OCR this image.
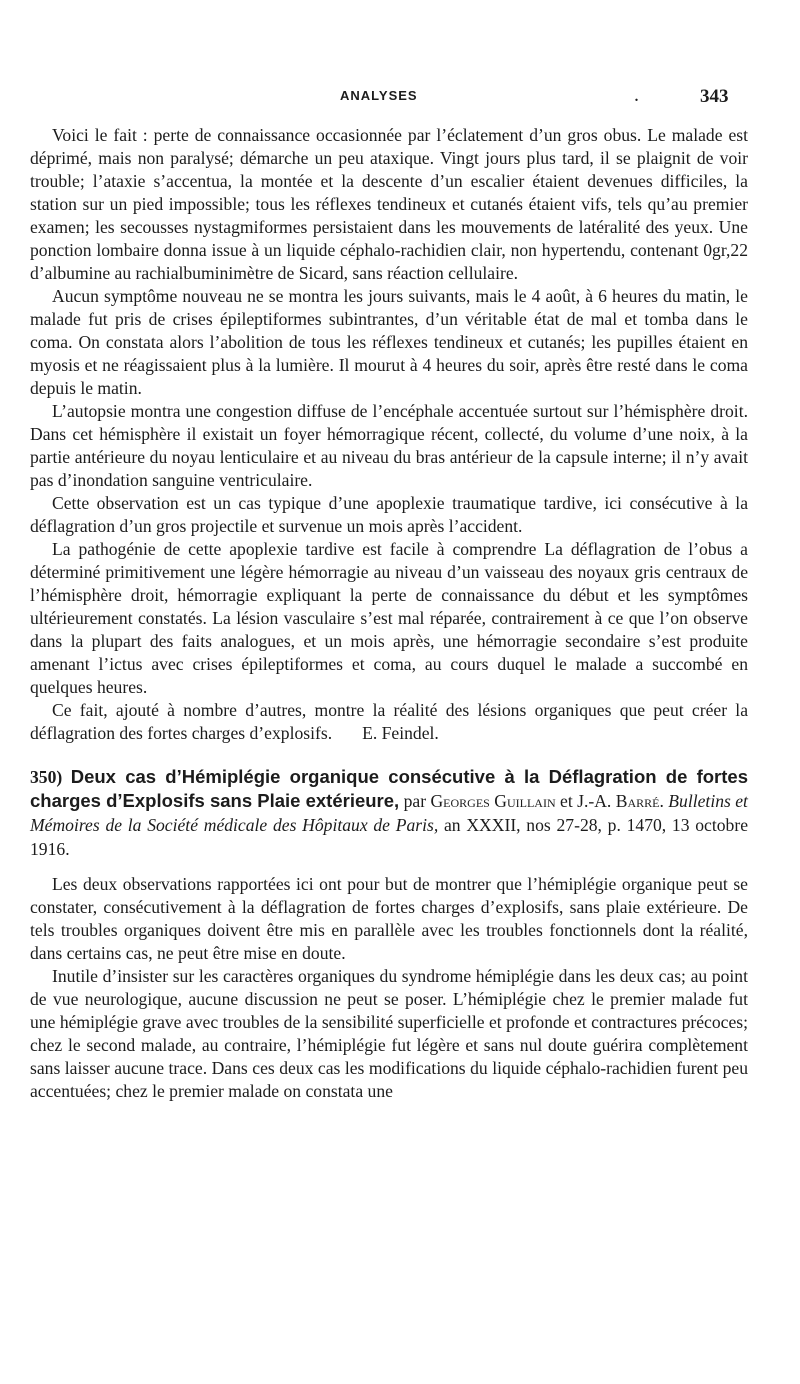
ANALYSES	.	343

Voici le fait : perte de connaissance occasionnée par l’éclatement d’un gros obus. Le malade est déprimé, mais non paralysé; démarche un peu ataxique. Vingt jours plus tard, il se plaignit de voir trouble; l’ataxie s’accentua, la montée et la descente d’un escalier étaient devenues difficiles, la station sur un pied impossible; tous les réflexes tendineux et cutanés étaient vifs, tels qu’au premier examen; les secousses nystagmiformes persistaient dans les mouvements de latéralité des yeux. Une ponction lombaire donna issue à un liquide céphalo-rachidien clair, non hypertendu, contenant 0gr,22 d’albumine au rachialbuminimètre de Sicard, sans réaction cellulaire.

Aucun symptôme nouveau ne se montra les jours suivants, mais le 4 août, à 6 heures du matin, le malade fut pris de crises épileptiformes subintrantes, d’un véritable état de mal et tomba dans le coma. On constata alors l’abolition de tous les réflexes tendineux et cutanés; les pupilles étaient en myosis et ne réagissaient plus à la lumière. Il mourut à 4 heures du soir, après être resté dans le coma depuis le matin.

L’autopsie montra une congestion diffuse de l’encéphale accentuée surtout sur l’hémisphère droit. Dans cet hémisphère il existait un foyer hémorragique récent, collecté, du volume d’une noix, à la partie antérieure du noyau lenticulaire et au niveau du bras antérieur de la capsule interne; il n’y avait pas d’inondation sanguine ventriculaire.

Cette observation est un cas typique d’une apoplexie traumatique tardive, ici consécutive à la déflagration d’un gros projectile et survenue un mois après l’accident.

La pathogénie de cette apoplexie tardive est facile à comprendre La déflagration de l’obus a déterminé primitivement une légère hémorragie au niveau d’un vaisseau des noyaux gris centraux de l’hémisphère droit, hémorragie expliquant la perte de connaissance du début et les symptômes ultérieurement constatés. La lésion vasculaire s’est mal réparée, contrairement à ce que l’on observe dans la plupart des faits analogues, et un mois après, une hémorragie secondaire s’est produite amenant l’ictus avec crises épileptiformes et coma, au cours duquel le malade a succombé en quelques heures.

Ce fait, ajouté à nombre d’autres, montre la réalité des lésions organiques que peut créer la déflagration des fortes charges d’explosifs. E. Feindel.

350) Deux cas d’Hémiplégie organique consécutive à la Déflagration de fortes charges d’Explosifs sans Plaie extérieure, par Georges Guillain et J.-A. Barré. Bulletins et Mémoires de la Société médicale des Hôpitaux de Paris, an XXXII, nos 27-28, p. 1470, 13 octobre 1916.

Les deux observations rapportées ici ont pour but de montrer que l’hémiplégie organique peut se constater, consécutivement à la déflagration de fortes charges d’explosifs, sans plaie extérieure. De tels troubles organiques doivent être mis en parallèle avec les troubles fonctionnels dont la réalité, dans certains cas, ne peut être mise en doute.

Inutile d’insister sur les caractères organiques du syndrome hémiplégie dans les deux cas; au point de vue neurologique, aucune discussion ne peut se poser. L’hémiplégie chez le premier malade fut une hémiplégie grave avec troubles de la sensibilité superficielle et profonde et contractures précoces; chez le second malade, au contraire, l’hémiplégie fut légère et sans nul doute guérira complètement sans laisser aucune trace. Dans ces deux cas les modifications du liquide céphalo-rachidien furent peu accentuées; chez le premier malade on constata une
